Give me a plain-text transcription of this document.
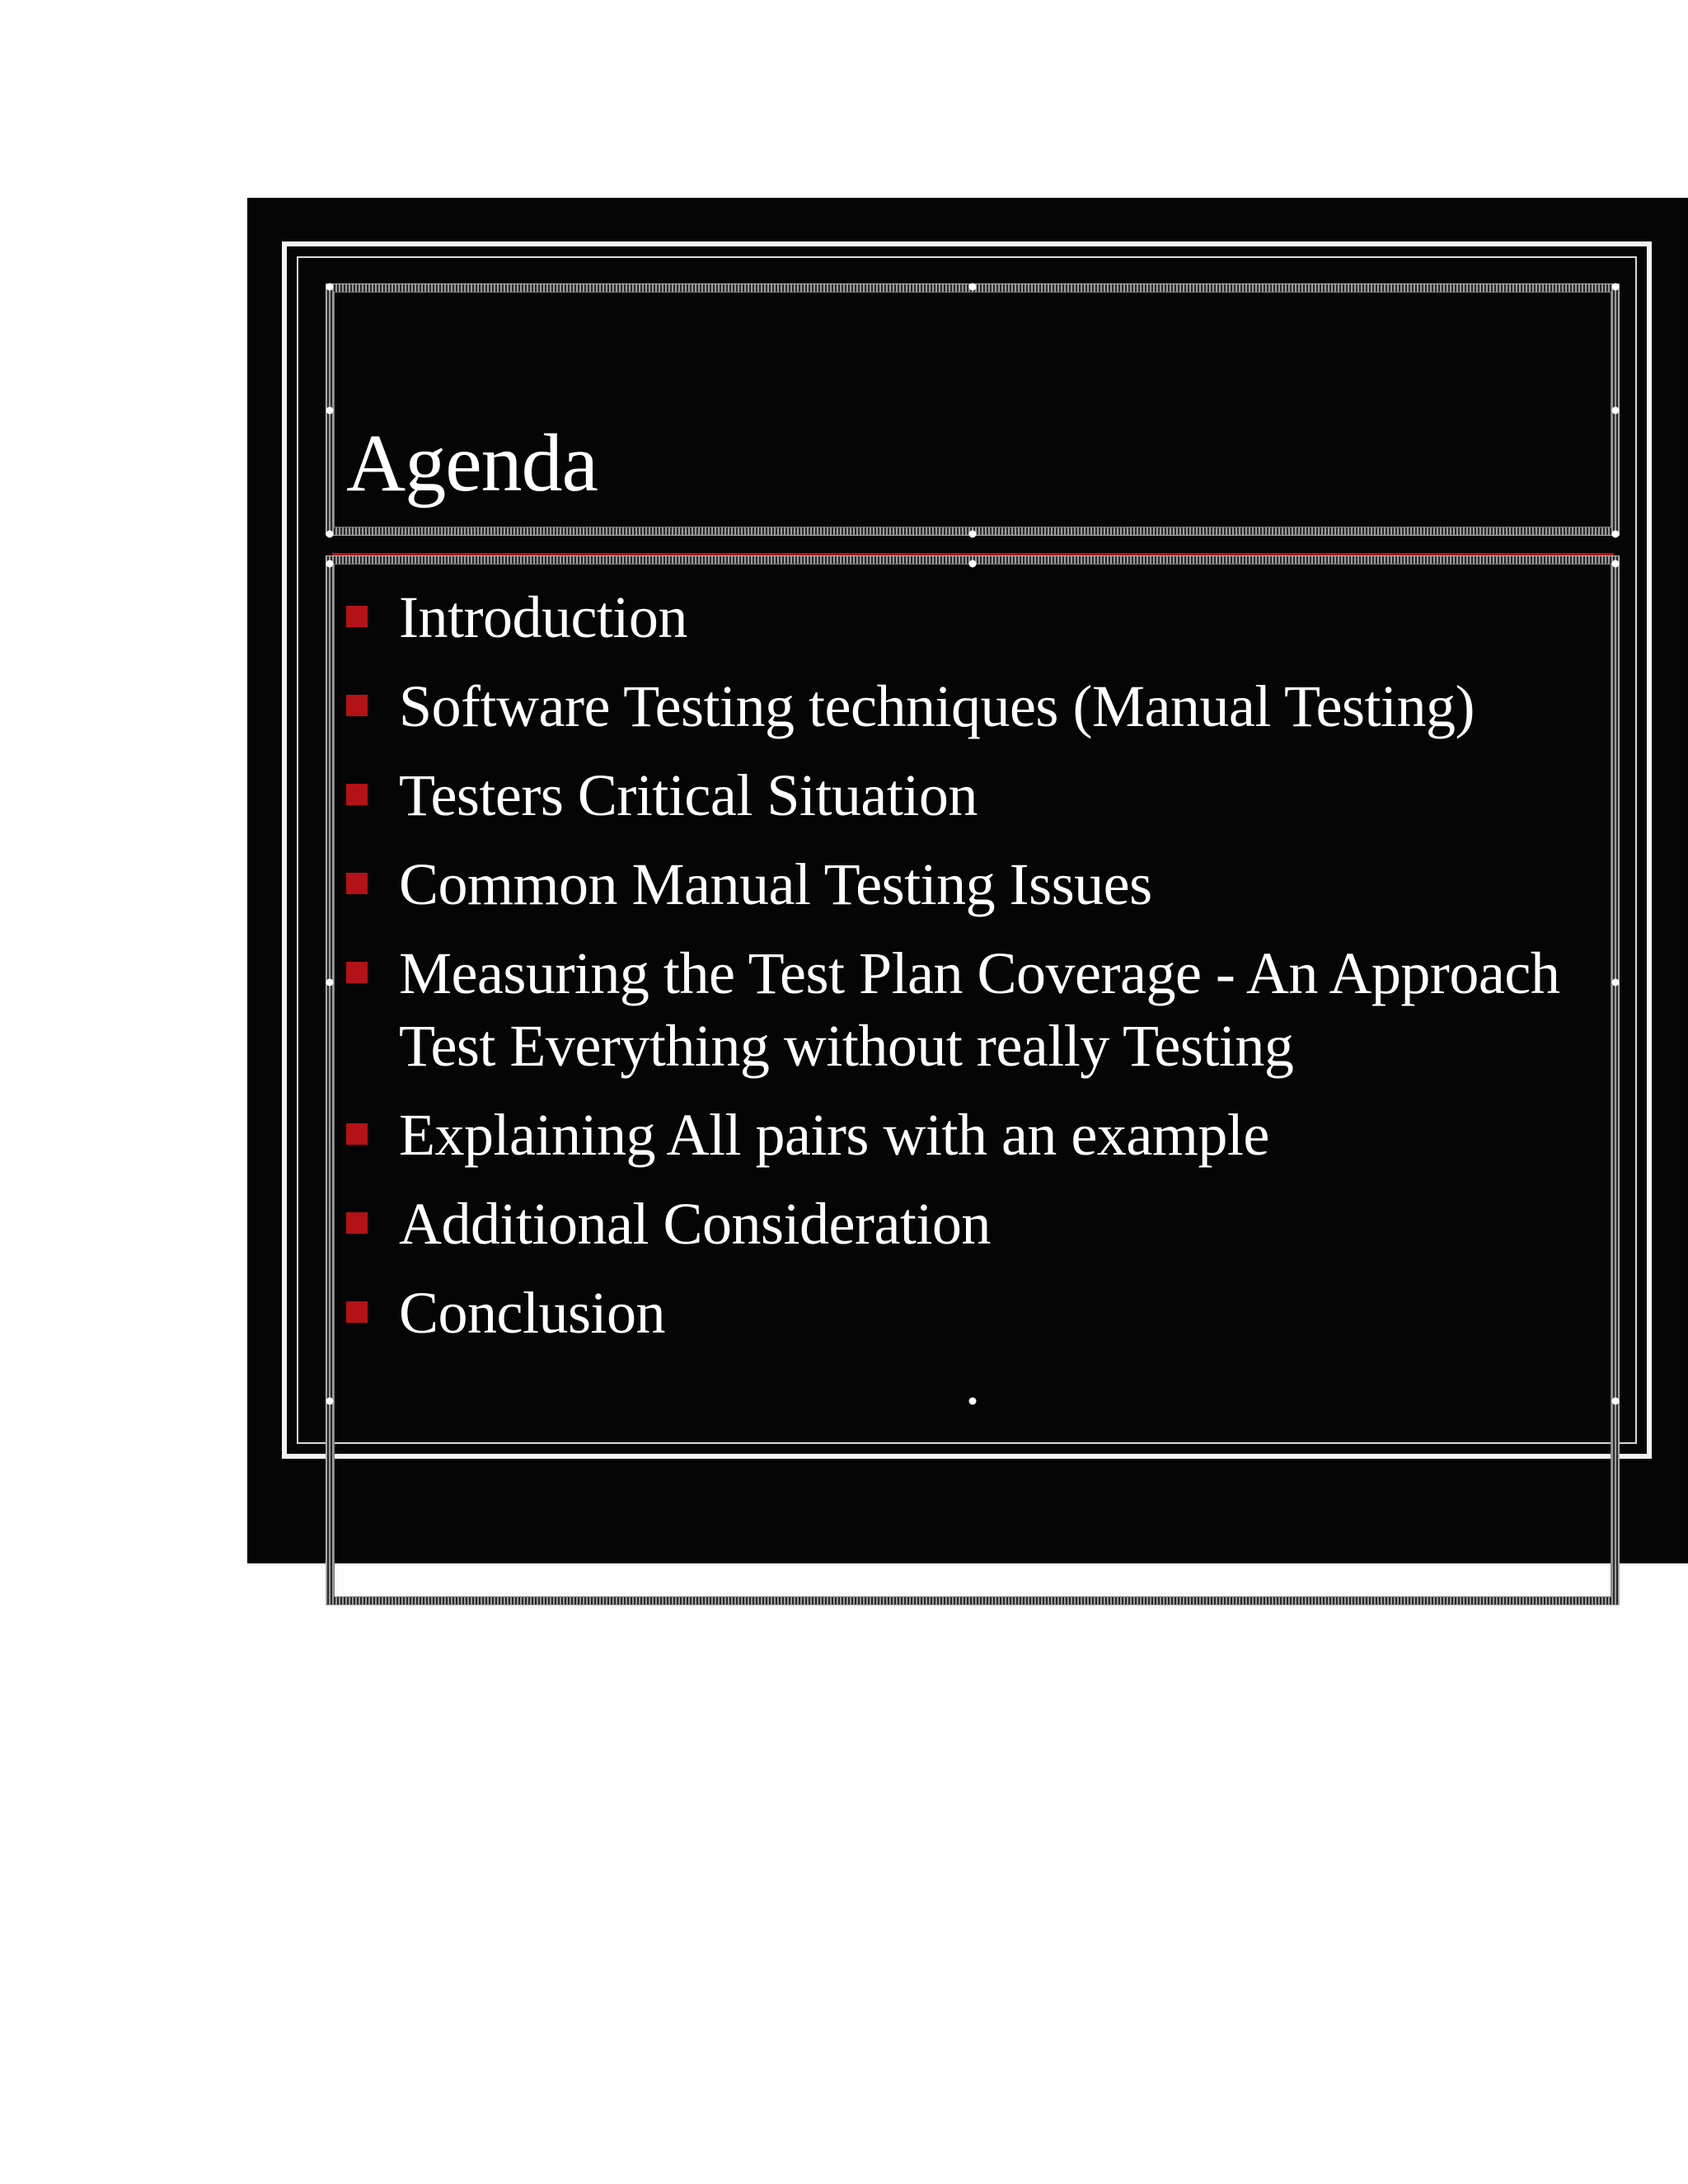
Agenda
Introduction
Software Testing techniques (Manual Testing)
Testers Critical Situation
Common Manual Testing Issues
Measuring the Test Plan Coverage - An Approach
Test Everything without really Testing
Explaining All pairs with an example
Additional Consideration
Conclusion
